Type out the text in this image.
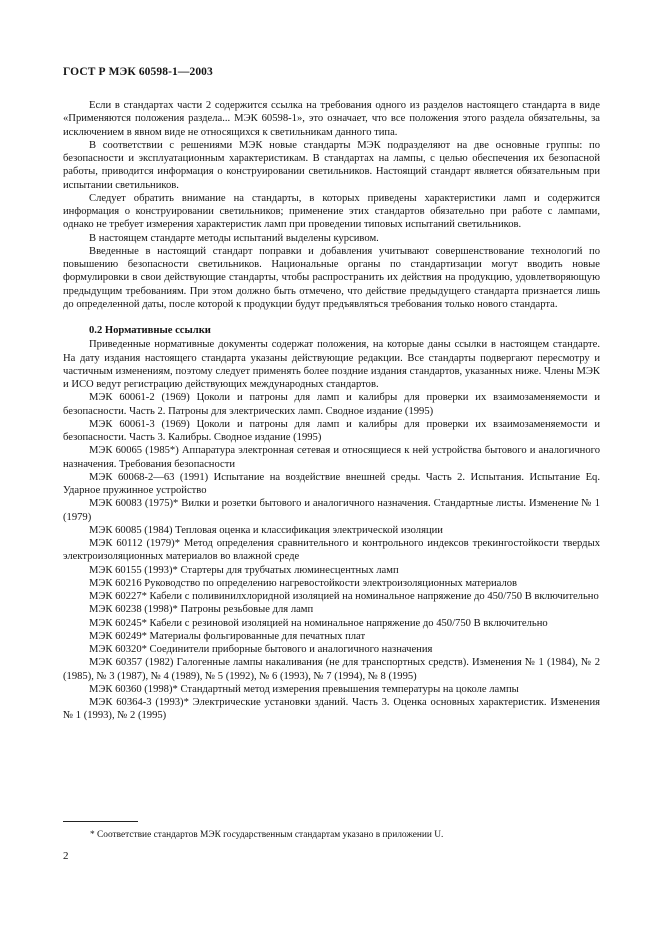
ГОСТ Р МЭК 60598-1—2003

Если в стандартах части 2 содержится ссылка на требования одного из разделов настоящего стандарта в виде «Применяются положения раздела... МЭК 60598-1», это означает, что все положения этого раздела обязательны, за исключением в явном виде не относящихся к светильникам данного типа.

В соответствии с решениями МЭК новые стандарты МЭК подразделяют на две основные группы: по безопасности и эксплуатационным характеристикам. В стандартах на лампы, с целью обеспечения их безопасной работы, приводится информация о конструировании светильников. Настоящий стандарт является обязательным при испытании светильников.

Следует обратить внимание на стандарты, в которых приведены характеристики ламп и содержится информация о конструировании светильников; применение этих стандартов обязательно при работе с лампами, однако не требует измерения характеристик ламп при проведении типовых испытаний светильников.

В настоящем стандарте методы испытаний выделены курсивом.

Введенные в настоящий стандарт поправки и добавления учитывают совершенствование технологий по повышению безопасности светильников. Национальные органы по стандартизации могут вводить новые формулировки в свои действующие стандарты, чтобы распространить их действия на продукцию, удовлетворяющую предыдущим требованиям. При этом должно быть отмечено, что действие предыдущего стандарта признается лишь до определенной даты, после которой к продукции будут предъявляться требования только нового стандарта.

0.2 Нормативные ссылки

Приведенные нормативные документы содержат положения, на которые даны ссылки в настоящем стандарте. На дату издания настоящего стандарта указаны действующие редакции. Все стандарты подвергают пересмотру и частичным изменениям, поэтому следует применять более поздние издания стандартов, указанных ниже. Члены МЭК и ИСО ведут регистрацию действующих международных стандартов.

МЭК 60061-2 (1969) Цоколи и патроны для ламп и калибры для проверки их взаимозаменяемости и безопасности. Часть 2. Патроны для электрических ламп. Сводное издание (1995)

МЭК 60061-3 (1969) Цоколи и патроны для ламп и калибры для проверки их взаимозаменяемости и безопасности. Часть 3. Калибры. Сводное издание (1995)

МЭК 60065 (1985*) Аппаратура электронная сетевая и относящиеся к ней устройства бытового и аналогичного назначения. Требования безопасности

МЭК 60068-2—63 (1991) Испытание на воздействие внешней среды. Часть 2. Испытания. Испытание Eq. Ударное пружинное устройство

МЭК 60083 (1975)* Вилки и розетки бытового и аналогичного назначения. Стандартные листы. Изменение № 1 (1979)

МЭК 60085 (1984) Тепловая оценка и классификация электрической изоляции

МЭК 60112 (1979)* Метод определения сравнительного и контрольного индексов трекингостойкости твердых электроизоляционных материалов во влажной среде

МЭК 60155 (1993)* Стартеры для трубчатых люминесцентных ламп

МЭК 60216 Руководство по определению нагревостойкости электроизоляционных материалов

МЭК 60227* Кабели с поливинилхлоридной изоляцией на номинальное напряжение до 450/750 В включительно

МЭК 60238 (1998)* Патроны резьбовые для ламп

МЭК 60245* Кабели с резиновой изоляцией на номинальное напряжение до 450/750 В включительно

МЭК 60249* Материалы фольгированные для печатных плат

МЭК 60320* Соединители приборные бытового и аналогичного назначения

МЭК 60357 (1982) Галогенные лампы накаливания (не для транспортных средств). Изменения № 1 (1984), № 2 (1985), № 3 (1987), № 4 (1989), № 5 (1992), № 6 (1993), № 7 (1994), № 8 (1995)

МЭК 60360 (1998)* Стандартный метод измерения превышения температуры на цоколе лампы

МЭК 60364-3 (1993)* Электрические установки зданий. Часть 3. Оценка основных характеристик. Изменения № 1 (1993), № 2 (1995)

* Соответствие стандартов МЭК государственным стандартам указано в приложении U.
2
